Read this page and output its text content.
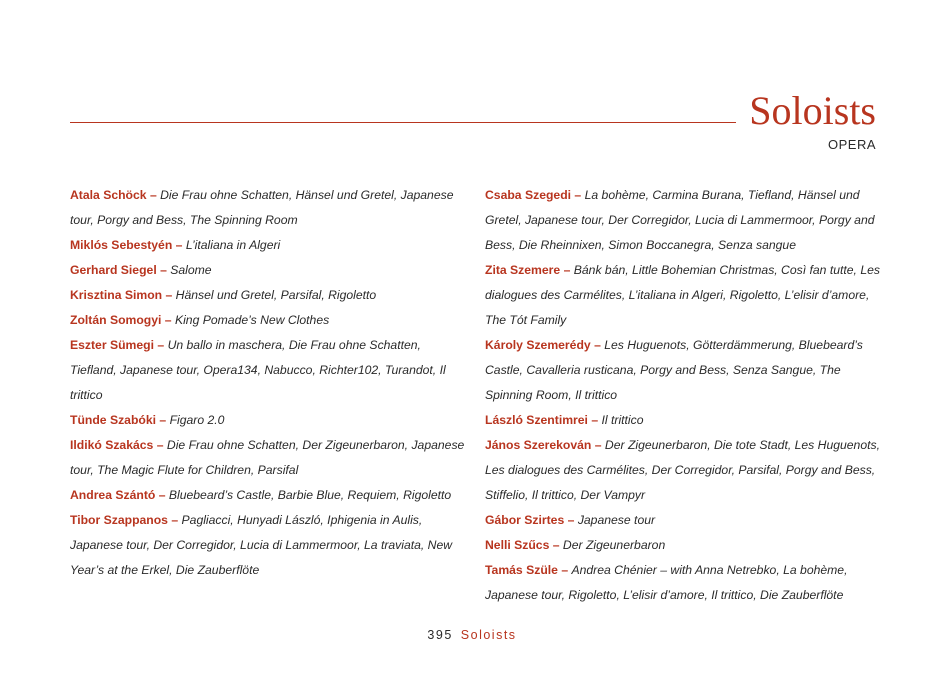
Soloists
OPERA

Atala Schöck – Die Frau ohne Schatten, Hänsel und Gretel, Japanese tour, Porgy and Bess, The Spinning Room

Miklós Sebestyén – L’italiana in Algeri

Gerhard Siegel – Salome

Krisztina Simon – Hänsel und Gretel, Parsifal, Rigoletto

Zoltán Somogyi – King Pomade’s New Clothes

Eszter Sümegi – Un ballo in maschera, Die Frau ohne Schatten, Tiefland, Japanese tour, Opera134, Nabucco, Richter102, Turandot, Il trittico

Tünde Szabóki – Figaro 2.0

Ildikó Szakács – Die Frau ohne Schatten, Der Zigeunerbaron, Japanese tour, The Magic Flute for Children, Parsifal

Andrea Szántó – Bluebeard’s Castle, Barbie Blue, Requiem, Rigoletto

Tibor Szappanos – Pagliacci, Hunyadi László, Iphigenia in Aulis, Japanese tour, Der Corregidor, Lucia di Lammermoor, La traviata, New Year’s at the Erkel, Die Zauberflöte

Csaba Szegedi – La bohème, Carmina Burana, Tiefland, Hänsel und Gretel, Japanese tour, Der Corregidor, Lucia di Lammermoor, Porgy and Bess, Die Rheinnixen, Simon Boccanegra, Senza sangue

Zita Szemere – Bánk bán, Little Bohemian Christmas, Così fan tutte, Les dialogues des Carmélites, L’italiana in Algeri, Rigoletto, L’elisir d’amore, The Tót Family

Károly Szemerédy – Les Huguenots, Götterdämmerung, Bluebeard’s Castle, Cavalleria rusticana, Porgy and Bess, Senza Sangue, The Spinning Room, Il trittico

László Szentimrei – Il trittico

János Szerekován – Der Zigeunerbaron, Die tote Stadt, Les Huguenots, Les dialogues des Carmélites, Der Corregidor, Parsifal, Porgy and Bess, Stiffelio, Il trittico, Der Vampyr

Gábor Szirtes – Japanese tour

Nelli Szűcs – Der Zigeunerbaron

Tamás Szüle – Andrea Chénier – with Anna Netrebko, La bohème, Japanese tour, Rigoletto, L’elisir d’amore, Il trittico, Die Zauberflöte

395 Soloists
